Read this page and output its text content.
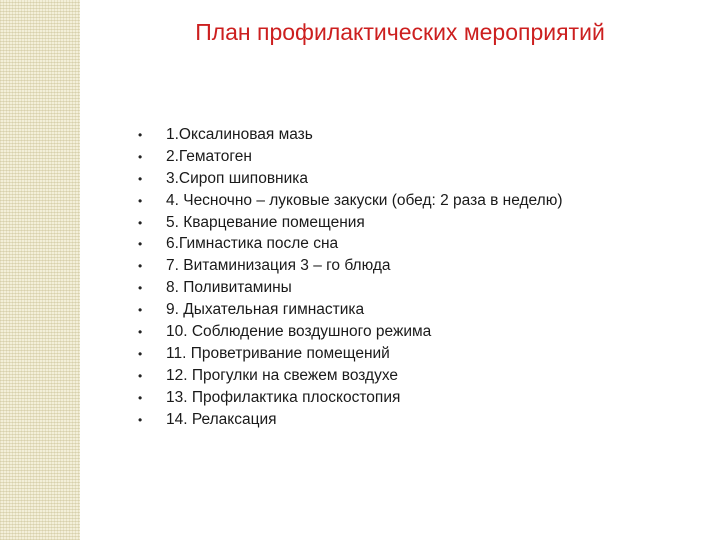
План профилактических мероприятий
•	1.Оксалиновая мазь
•	2.Гематоген
•	3.Сироп шиповника
•	4. Чесночно – луковые закуски (обед: 2 раза в неделю)
•	5. Кварцевание помещения
•	6.Гимнастика после сна
•	7. Витаминизация 3 – го блюда
•	8. Поливитамины
•	9. Дыхательная гимнастика
•	10. Соблюдение воздушного режима
•	11. Проветривание помещений
•	12. Прогулки на свежем воздухе
•	13. Профилактика плоскостопия
•	14. Релаксация
